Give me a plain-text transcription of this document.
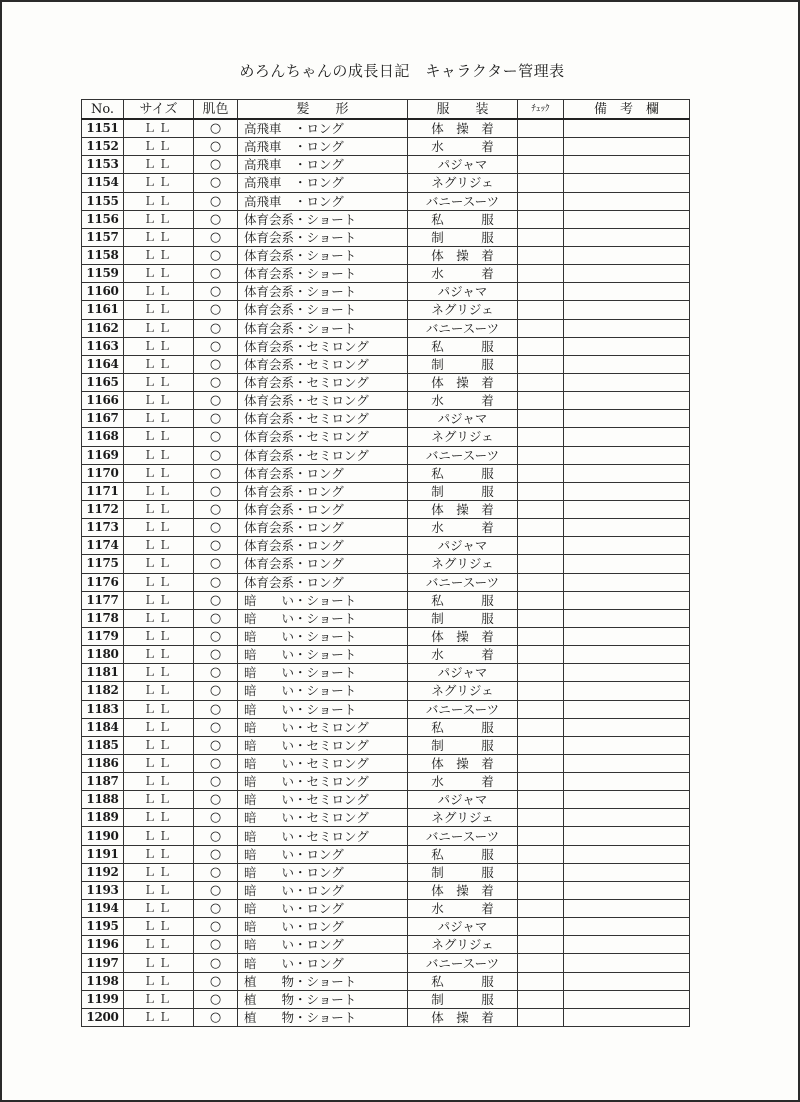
めろんちゃんの成長日記　キャラクター管理表
No.	サイズ	肌色	髪　　形	服　　装	ﾁｪｯｸ	備　考　欄
1151	ＬＬ	○	高飛車　・ロング	体　操　着		
1152	ＬＬ	○	高飛車　・ロング	水　　　着		
1153	ＬＬ	○	高飛車　・ロング	パジャマ		
1154	ＬＬ	○	高飛車　・ロング	ネグリジェ		
1155	ＬＬ	○	高飛車　・ロング	バニースーツ		
1156	ＬＬ	○	体育会系・ショート	私　　　服		
1157	ＬＬ	○	体育会系・ショート	制　　　服		
1158	ＬＬ	○	体育会系・ショート	体　操　着		
1159	ＬＬ	○	体育会系・ショート	水　　　着		
1160	ＬＬ	○	体育会系・ショート	パジャマ		
1161	ＬＬ	○	体育会系・ショート	ネグリジェ		
1162	ＬＬ	○	体育会系・ショート	バニースーツ		
1163	ＬＬ	○	体育会系・セミロング	私　　　服		
1164	ＬＬ	○	体育会系・セミロング	制　　　服		
1165	ＬＬ	○	体育会系・セミロング	体　操　着		
1166	ＬＬ	○	体育会系・セミロング	水　　　着		
1167	ＬＬ	○	体育会系・セミロング	パジャマ		
1168	ＬＬ	○	体育会系・セミロング	ネグリジェ		
1169	ＬＬ	○	体育会系・セミロング	バニースーツ		
1170	ＬＬ	○	体育会系・ロング	私　　　服		
1171	ＬＬ	○	体育会系・ロング	制　　　服		
1172	ＬＬ	○	体育会系・ロング	体　操　着		
1173	ＬＬ	○	体育会系・ロング	水　　　着		
1174	ＬＬ	○	体育会系・ロング	パジャマ		
1175	ＬＬ	○	体育会系・ロング	ネグリジェ		
1176	ＬＬ	○	体育会系・ロング	バニースーツ		
1177	ＬＬ	○	暗　　い・ショート	私　　　服		
1178	ＬＬ	○	暗　　い・ショート	制　　　服		
1179	ＬＬ	○	暗　　い・ショート	体　操　着		
1180	ＬＬ	○	暗　　い・ショート	水　　　着		
1181	ＬＬ	○	暗　　い・ショート	パジャマ		
1182	ＬＬ	○	暗　　い・ショート	ネグリジェ		
1183	ＬＬ	○	暗　　い・ショート	バニースーツ		
1184	ＬＬ	○	暗　　い・セミロング	私　　　服		
1185	ＬＬ	○	暗　　い・セミロング	制　　　服		
1186	ＬＬ	○	暗　　い・セミロング	体　操　着		
1187	ＬＬ	○	暗　　い・セミロング	水　　　着		
1188	ＬＬ	○	暗　　い・セミロング	パジャマ		
1189	ＬＬ	○	暗　　い・セミロング	ネグリジェ		
1190	ＬＬ	○	暗　　い・セミロング	バニースーツ		
1191	ＬＬ	○	暗　　い・ロング	私　　　服		
1192	ＬＬ	○	暗　　い・ロング	制　　　服		
1193	ＬＬ	○	暗　　い・ロング	体　操　着		
1194	ＬＬ	○	暗　　い・ロング	水　　　着		
1195	ＬＬ	○	暗　　い・ロング	パジャマ		
1196	ＬＬ	○	暗　　い・ロング	ネグリジェ		
1197	ＬＬ	○	暗　　い・ロング	バニースーツ		
1198	ＬＬ	○	植　　物・ショート	私　　　服		
1199	ＬＬ	○	植　　物・ショート	制　　　服		
1200	ＬＬ	○	植　　物・ショート	体　操　着		
